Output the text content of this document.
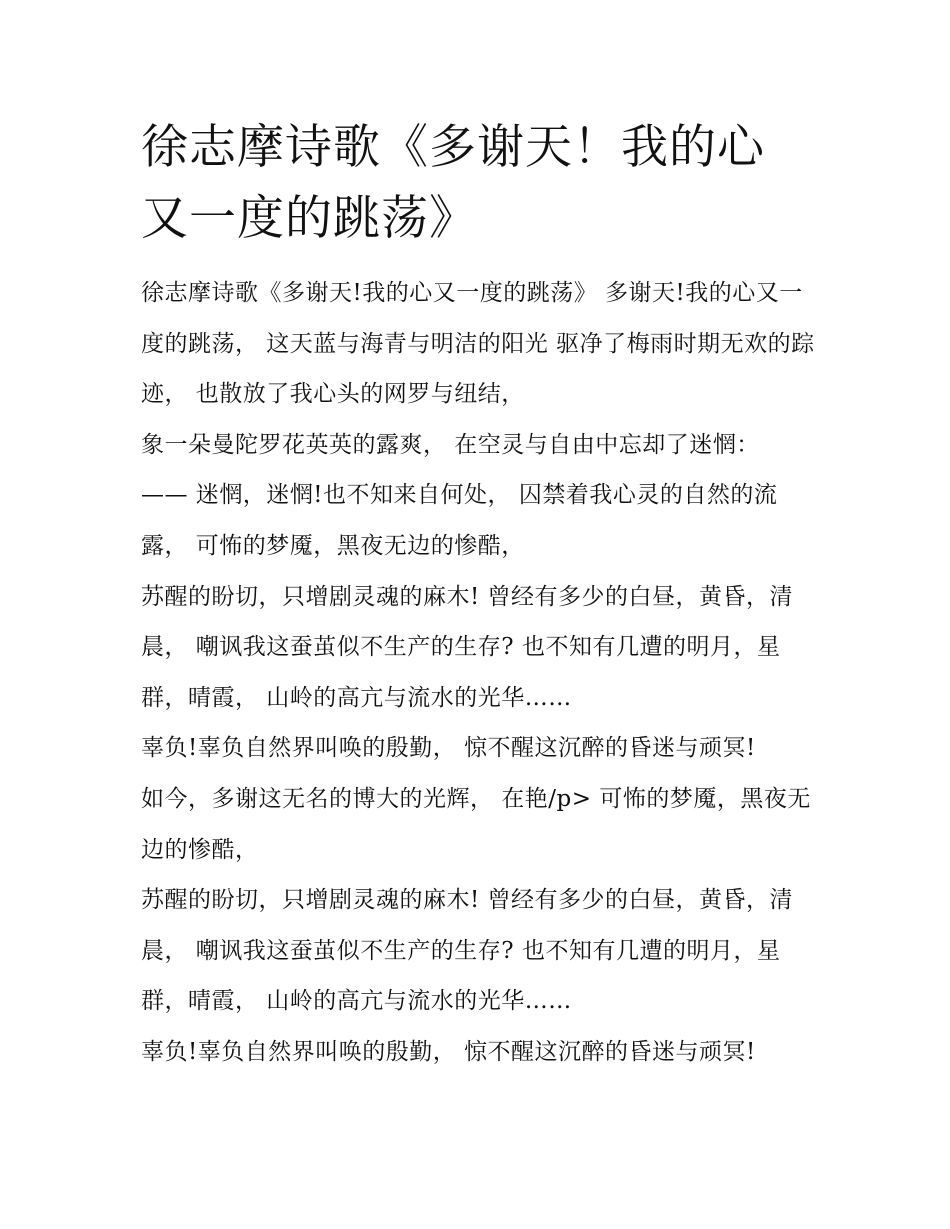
徐志摩诗歌《多谢天！我的心又一度的跳荡》

徐志摩诗歌《多谢天!我的心又一度的跳荡》 多谢天!我的心又一度的跳荡， 这天蓝与海青与明洁的阳光 驱净了梅雨时期无欢的踪迹， 也散放了我心头的网罗与纽结，

象一朵曼陀罗花英英的露爽， 在空灵与自由中忘却了迷惘：

—— 迷惘，迷惘!也不知来自何处， 囚禁着我心灵的自然的流露， 可怖的梦魇，黑夜无边的惨酷，

苏醒的盼切，只增剧灵魂的麻木! 曾经有多少的白昼，黄昏，清晨， 嘲讽我这蚕茧似不生产的生存? 也不知有几遭的明月，星群，晴霞， 山岭的高亢与流水的光华……

辜负!辜负自然界叫唤的殷勤， 惊不醒这沉醉的昏迷与顽冥!

如今，多谢这无名的博大的光辉， 在艳/p> 可怖的梦魇，黑夜无边的惨酷，

苏醒的盼切，只增剧灵魂的麻木! 曾经有多少的白昼，黄昏，清晨， 嘲讽我这蚕茧似不生产的生存? 也不知有几遭的明月，星群，晴霞， 山岭的高亢与流水的光华……

辜负!辜负自然界叫唤的殷勤， 惊不醒这沉醉的昏迷与顽冥!
